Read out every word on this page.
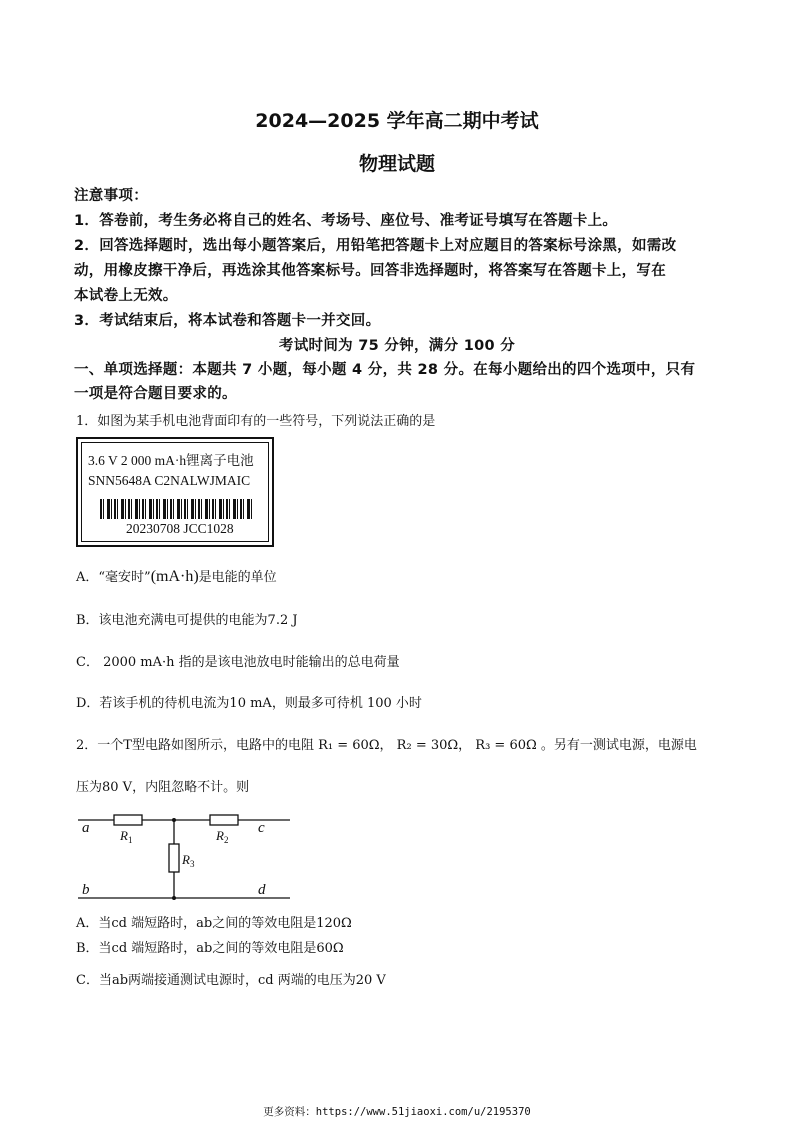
2024—2025 学年高二期中考试
物理试题
注意事项：
1．答卷前，考生务必将自己的姓名、考场号、座位号、准考证号填写在答题卡上。
2．回答选择题时，选出每小题答案后，用铅笔把答题卡上对应题目的答案标号涂黑，如需改
动，用橡皮擦干净后，再选涂其他答案标号。回答非选择题时，将答案写在答题卡上，写在
本试卷上无效。
3．考试结束后，将本试卷和答题卡一并交回。
考试时间为 75 分钟，满分 100 分
一、单项选择题：本题共 7 小题，每小题 4 分，共 28 分。在每小题给出的四个选项中，只有
一项是符合题目要求的。
1．如图为某手机电池背面印有的一些符号，下列说法正确的是
3.6 V 2 000 mA·h锂离子电池
SNN5648A C2NALWJMAIC
20230708 JCC1028
A．“毫安时”(mA·h)是电能的单位
B．该电池充满电可提供的电能为7.2 J
C． 2000 mA·h 指的是该电池放电时能输出的总电荷量
D．若该手机的待机电流为10 mA，则最多可待机 100 小时
2．一个T型电路如图所示，电路中的电阻 R₁ = 60Ω， R₂ = 30Ω， R₃ = 60Ω 。另有一测试电源，电源电
压为80 V，内阻忽略不计。则
a
b
c
d
$R_1$	$R_2$
$R_3$
A．当cd 端短路时，ab之间的等效电阻是120Ω
B．当cd 端短路时，ab之间的等效电阻是60Ω
C．当ab两端接通测试电源时，cd 两端的电压为20 V
更多资料：https://www.51jiaoxi.com/u/2195370
